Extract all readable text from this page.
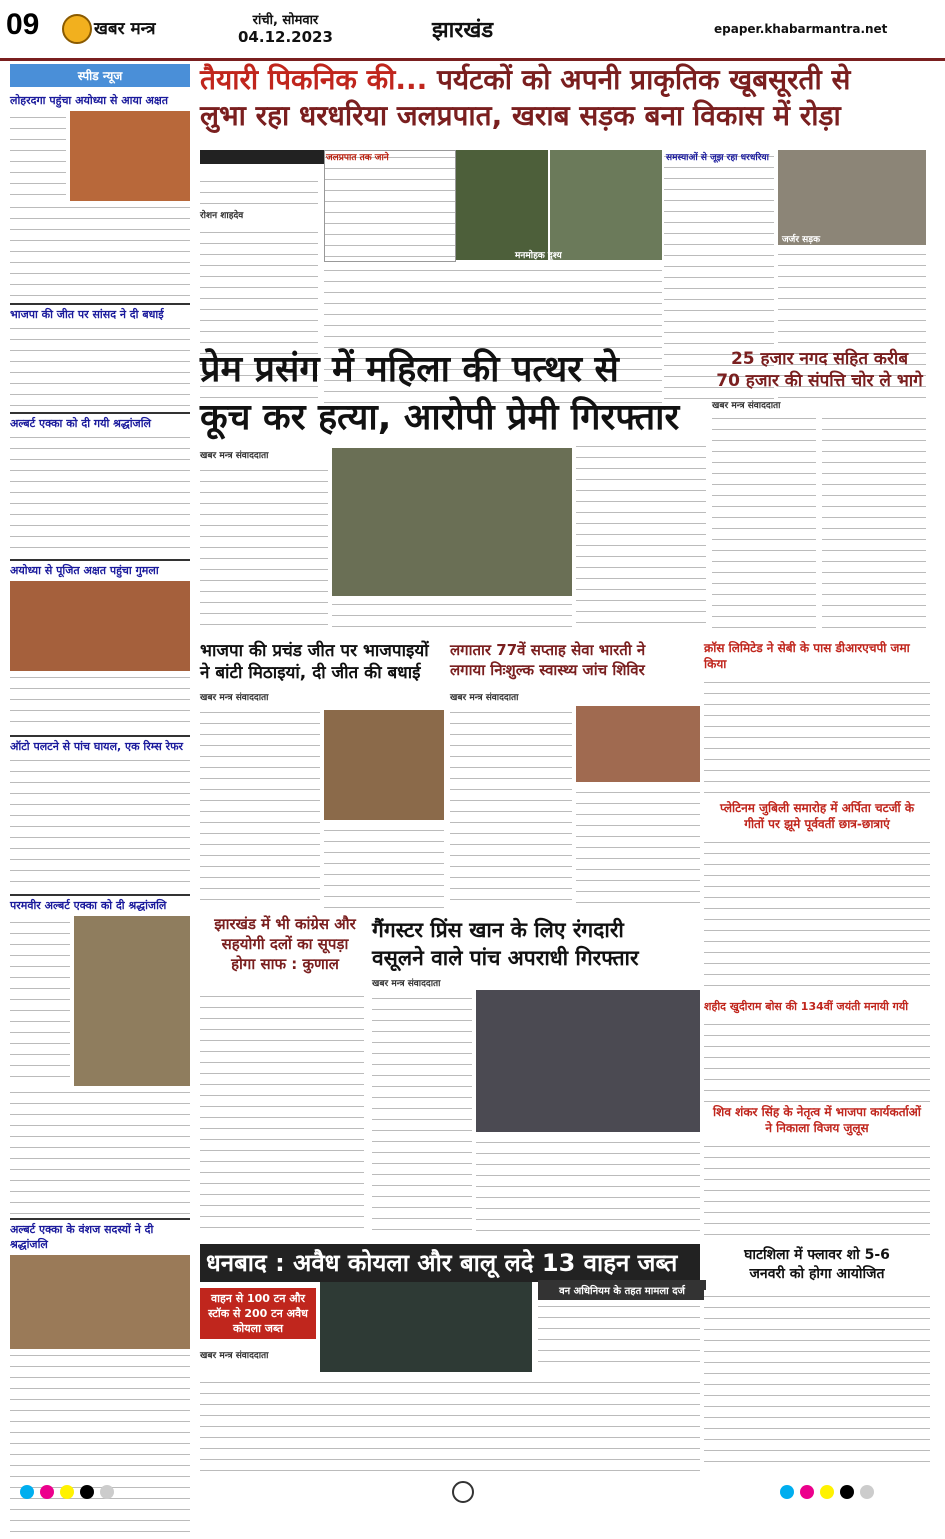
09	खबर मन्त्र	रांची, सोमवार
04.12.2023	झारखंड	epaper.khabarmantra.net
स्पीड न्यूज
लोहरदगा पहुंचा अयोध्या से आया अक्षत
भाजपा की जीत पर सांसद ने दी बधाई
अल्बर्ट एक्का को दी गयी श्रद्धांजलि
अयोध्या से पूजित अक्षत पहुंचा गुमला
ऑटो पलटने से पांच घायल, एक रिम्स रेफर
परमवीर अल्बर्ट एक्का को दी श्रद्धांजलि
अल्बर्ट एक्का के वंशज सदस्यों ने दी श्रद्धांजलि
तैयारी पिकनिक की... पर्यटकों को अपनी प्राकृतिक खूबसूरती से
लुभा रहा धरधरिया जलप्रपात, खराब सड़क बना विकास में रोड़ा

रोशन शाहदेव
जलप्रपात तक जाने
मनमोहक दृश्य
समस्याओं से जूझ रहा धरधरिया
जर्जर सड़क
प्रेम प्रसंग में महिला की पत्थर से
कूच कर हत्या, आरोपी प्रेमी गिरफ्तार
खबर मन्त्र संवाददाता
25 हजार नगद सहित करीब
70 हजार की संपत्ति चोर ले भागे
खबर मन्त्र संवाददाता
भाजपा की प्रचंड जीत पर भाजपाइयों
ने बांटी मिठाइयां, दी जीत की बधाई
खबर मन्त्र संवाददाता
लगातार 77वें सप्ताह सेवा भारती ने
लगाया निःशुल्क स्वास्थ्य जांच शिविर
खबर मन्त्र संवाददाता
क्रॉस लिमिटेड ने सेबी के पास डीआरएचपी जमा किया
प्लेटिनम जुबिली समारोह में अर्पिता चटर्जी के
गीतों पर झूमे पूर्ववर्ती छात्र-छात्राएं
शहीद खुदीराम बोस की 134वीं जयंती मनायी गयी
शिव शंकर सिंह के नेतृत्व में भाजपा कार्यकर्ताओं
ने निकाला विजय जुलूस
झारखंड में भी कांग्रेस और
सहयोगी दलों का सूपड़ा
होगा साफ : कुणाल
गैंगस्टर प्रिंस खान के लिए रंगदारी
वसूलने वाले पांच अपराधी गिरफ्तार
खबर मन्त्र संवाददाता
धनबाद : अवैध कोयला और बालू लदे 13 वाहन जब्त
वाहन से 100 टन और स्टॉक से 200 टन अवैध कोयला जब्त
वन अधिनियम के तहत मामला दर्ज
खबर मन्त्र संवाददाता
घाटशिला में फ्लावर शो 5-6
जनवरी को होगा आयोजित
